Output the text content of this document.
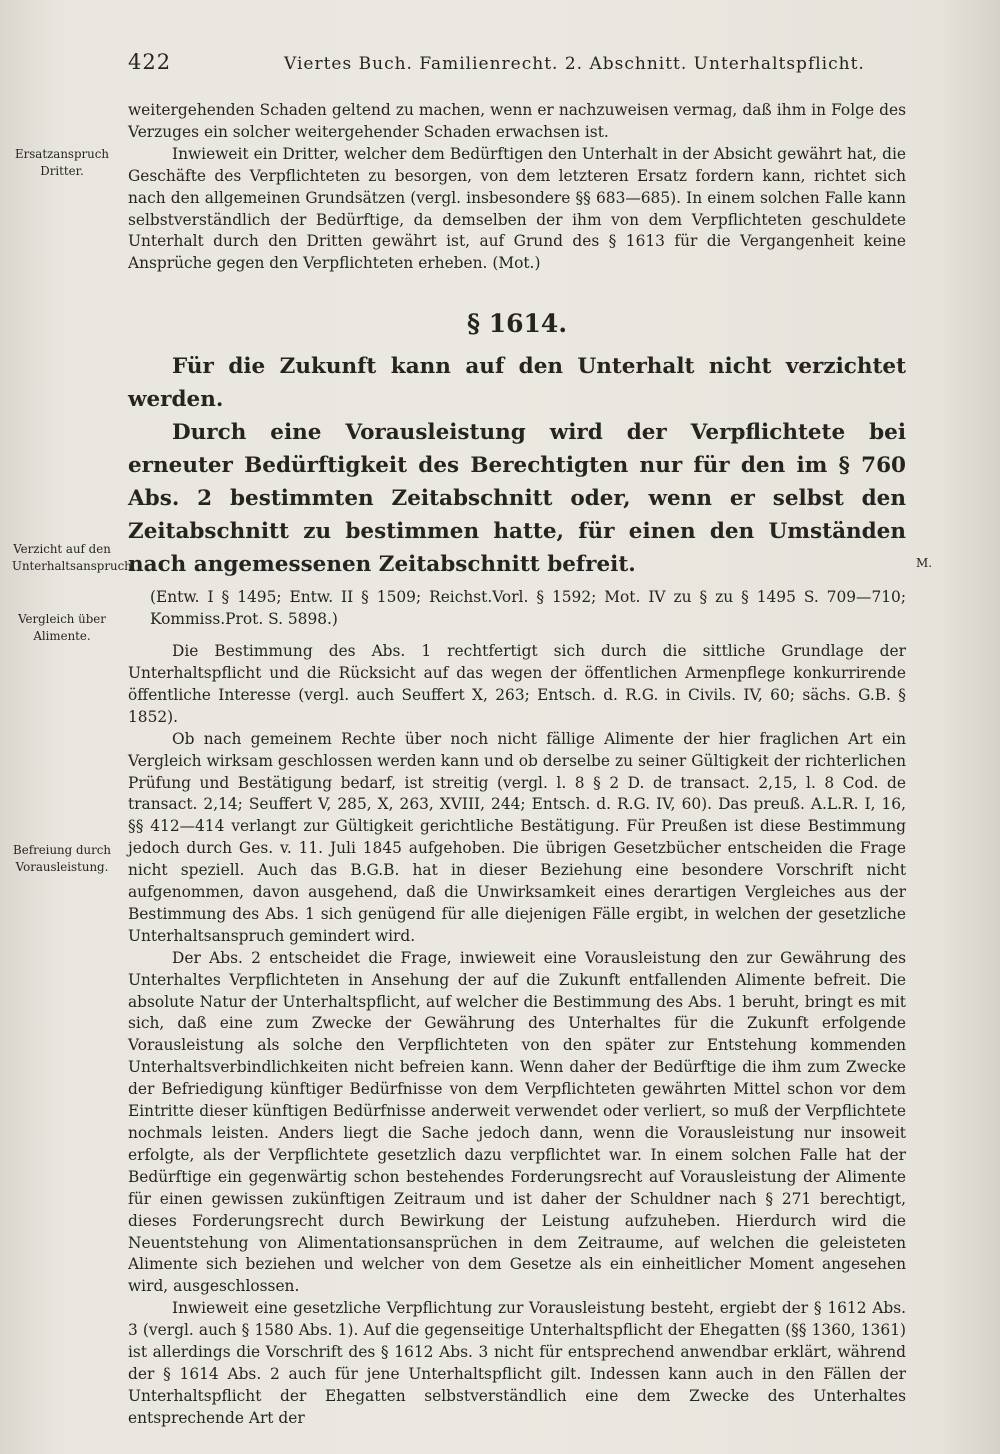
422	Viertes Buch. Familienrecht. 2. Abschnitt. Unterhaltspflicht.
Ersatzanspruch Dritter.
Verzicht auf den Unterhaltsanspruch.
Vergleich über Alimente.
Befreiung durch Vorausleistung.
M.

weitergehenden Schaden geltend zu machen, wenn er nachzuweisen vermag, daß ihm in Folge des Verzuges ein solcher weitergehender Schaden erwachsen ist.

Inwieweit ein Dritter, welcher dem Bedürftigen den Unterhalt in der Absicht gewährt hat, die Geschäfte des Verpflichteten zu besorgen, von dem letzteren Ersatz fordern kann, richtet sich nach den allgemeinen Grundsätzen (vergl. insbesondere §§ 683—685). In einem solchen Falle kann selbstverständlich der Bedürftige, da demselben der ihm von dem Verpflichteten geschuldete Unterhalt durch den Dritten gewährt ist, auf Grund des § 1613 für die Vergangenheit keine Ansprüche gegen den Verpflichteten erheben. (Mot.)

§ 1614.

Für die Zukunft kann auf den Unterhalt nicht verzichtet werden.

Durch eine Vorausleistung wird der Verpflichtete bei erneuter Bedürftigkeit des Berechtigten nur für den im § 760 Abs. 2 bestimmten Zeitabschnitt oder, wenn er selbst den Zeitabschnitt zu bestimmen hatte, für einen den Umständen nach angemessenen Zeitabschnitt befreit.

(Entw. I § 1495; Entw. II § 1509; Reichst.Vorl. § 1592; Mot. IV zu § zu § 1495 S. 709—710; Kommiss.Prot. S. 5898.)

Die Bestimmung des Abs. 1 rechtfertigt sich durch die sittliche Grundlage der Unterhaltspflicht und die Rücksicht auf das wegen der öffentlichen Armenpflege konkurrirende öffentliche Interesse (vergl. auch Seuffert X, 263; Entsch. d. R.G. in Civils. IV, 60; sächs. G.B. § 1852).

Ob nach gemeinem Rechte über noch nicht fällige Alimente der hier fraglichen Art ein Vergleich wirksam geschlossen werden kann und ob derselbe zu seiner Gültigkeit der richterlichen Prüfung und Bestätigung bedarf, ist streitig (vergl. l. 8 § 2 D. de transact. 2,15, l. 8 Cod. de transact. 2,14; Seuffert V, 285, X, 263, XVIII, 244; Entsch. d. R.G. IV, 60). Das preuß. A.L.R. I, 16, §§ 412—414 verlangt zur Gültigkeit gerichtliche Bestätigung. Für Preußen ist diese Bestimmung jedoch durch Ges. v. 11. Juli 1845 aufgehoben. Die übrigen Gesetzbücher entscheiden die Frage nicht speziell. Auch das B.G.B. hat in dieser Beziehung eine besondere Vorschrift nicht aufgenommen, davon ausgehend, daß die Unwirksamkeit eines derartigen Vergleiches aus der Bestimmung des Abs. 1 sich genügend für alle diejenigen Fälle ergibt, in welchen der gesetzliche Unterhaltsanspruch gemindert wird.

Der Abs. 2 entscheidet die Frage, inwieweit eine Vorausleistung den zur Gewährung des Unterhaltes Verpflichteten in Ansehung der auf die Zukunft entfallenden Alimente befreit. Die absolute Natur der Unterhaltspflicht, auf welcher die Bestimmung des Abs. 1 beruht, bringt es mit sich, daß eine zum Zwecke der Gewährung des Unterhaltes für die Zukunft erfolgende Vorausleistung als solche den Verpflichteten von den später zur Entstehung kommenden Unterhaltsverbindlichkeiten nicht befreien kann. Wenn daher der Bedürftige die ihm zum Zwecke der Befriedigung künftiger Bedürfnisse von dem Verpflichteten gewährten Mittel schon vor dem Eintritte dieser künftigen Bedürfnisse anderweit verwendet oder verliert, so muß der Verpflichtete nochmals leisten. Anders liegt die Sache jedoch dann, wenn die Vorausleistung nur insoweit erfolgte, als der Verpflichtete gesetzlich dazu verpflichtet war. In einem solchen Falle hat der Bedürftige ein gegenwärtig schon bestehendes Forderungsrecht auf Vorausleistung der Alimente für einen gewissen zukünftigen Zeitraum und ist daher der Schuldner nach § 271 berechtigt, dieses Forderungsrecht durch Bewirkung der Leistung aufzuheben. Hierdurch wird die Neuentstehung von Alimentationsansprüchen in dem Zeitraume, auf welchen die geleisteten Alimente sich beziehen und welcher von dem Gesetze als ein einheitlicher Moment angesehen wird, ausgeschlossen.

Inwieweit eine gesetzliche Verpflichtung zur Vorausleistung besteht, ergiebt der § 1612 Abs. 3 (vergl. auch § 1580 Abs. 1). Auf die gegenseitige Unterhaltspflicht der Ehegatten (§§ 1360, 1361) ist allerdings die Vorschrift des § 1612 Abs. 3 nicht für entsprechend anwendbar erklärt, während der § 1614 Abs. 2 auch für jene Unterhaltspflicht gilt. Indessen kann auch in den Fällen der Unterhaltspflicht der Ehegatten selbstverständlich eine dem Zwecke des Unterhaltes entsprechende Art der
